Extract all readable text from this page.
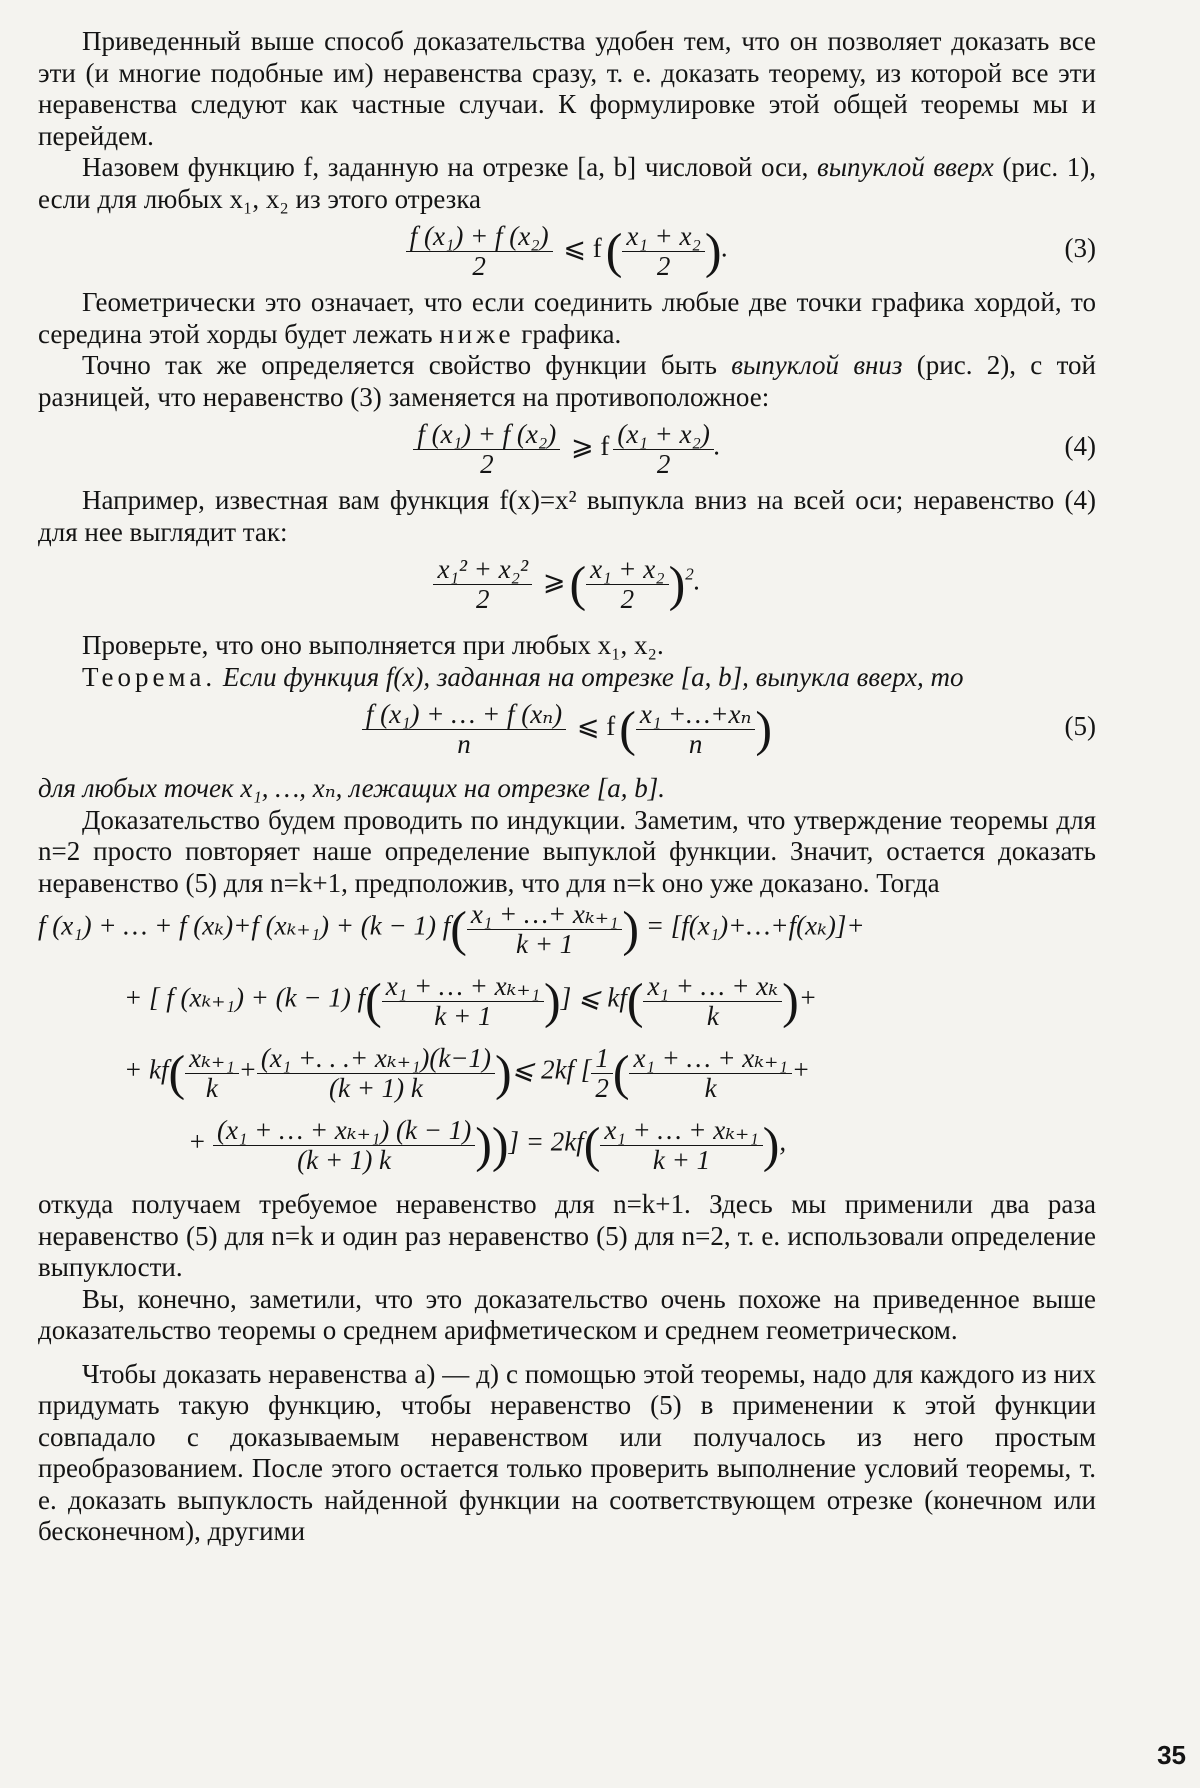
Приведенный выше способ доказательства удобен тем, что он позволяет доказать все эти (и многие подобные им) неравенства сразу, т. е. доказать теорему, из которой все эти неравенства следуют как частные случаи. К формулировке этой общей теоремы мы и перейдем.

Назовем функцию f, заданную на отрезке [a, b] числовой оси, выпуклой вверх (рис. 1), если для любых x₁, x₂ из этого отрезка

$\frac{\text{f (x₁) + f (x₂)}}{2}$ ⩽ $f( \frac{\text{x₁ + x₂}}{2}$ ).	(3)

Геометрически это означает, что если соединить любые две точки графика хордой, то середина этой хорды будет лежать ниже графика.

Точно так же определяется свойство функции быть выпуклой вниз (рис. 2), с той разницей, что неравенство (3) заменяется на противоположное:

$\frac{\text{f (x₁) + f (x₂)}}{2}$ ⩾ f $\frac{\text{(x₁ + x₂)}}{2}$ .	(4)

Например, известная вам функция f(x)=x² выпукла вниз на всей оси; неравенство (4) для нее выглядит так:

$\frac{\text{x₁² + x₂²}}{2}$ ⩾( $\frac{\text{x₁ + x₂}}{2} )^2$.

Проверьте, что оно выполняется при любых x₁, x₂.

Теорема. Если функция f(x), заданная на отрезке [a, b], выпукла вверх, то

$\frac{\text{f (x₁) + … + f (xₙ)}}{n}$ ⩽ $f( \frac{\text{x₁ +…+xₙ}}{n}$ )	(5)

для любых точек x₁, …, xₙ, лежащих на отрезке [a, b].

Доказательство будем проводить по индукции. Заметим, что утверждение теоремы для n=2 просто повторяет наше определение выпуклой функции. Значит, остается доказать неравенство (5) для n=k+1, предположив, что для n=k оно уже доказано. Тогда

f (x₁) + … + f (xₖ)+f (xₖ₊₁) + (k − 1) $f( \frac{\text{x₁ + …+ xₖ₊₁}}{k + 1}$ ) = [f(x₁)+…+f(xₖ)]+
+ [ f (xₖ₊₁) + (k − 1) $f( \frac{\text{x₁ + … + xₖ₊₁}}{k + 1}$ )] ⩽ $kf( \frac{\text{x₁ + … + xₖ}}{k}$ )+
+ $kf( \frac{\text{xₖ₊₁}}{k} + \frac{\text{(x₁ +. . .+ xₖ₊₁)(k−1)}}{(k + 1) k}$ )⩽ 2kf [ $\frac{1}{2}$ ( $\frac{\text{x₁ + … + xₖ₊₁}}{k}$ +
+ $\frac{\text{(x₁ + … + xₖ₊₁) (k − 1)}}{(k + 1) k}$ ))] = $2kf( \frac{\text{x₁ + … + xₖ₊₁}}{k + 1}$ ),

откуда получаем требуемое неравенство для n=k+1. Здесь мы применили два раза неравенство (5) для n=k и один раз неравенство (5) для n=2, т. е. использовали определение выпуклости.

Вы, конечно, заметили, что это доказательство очень похоже на приведенное выше доказательство теоремы о среднем арифметическом и среднем геометрическом.

Чтобы доказать неравенства а) — д) с помощью этой теоремы, надо для каждого из них придумать такую функцию, чтобы неравенство (5) в применении к этой функции совпадало с доказываемым неравенством или получалось из него простым преобразованием. После этого остается только проверить выполнение условий теоремы, т. е. доказать выпуклость найденной функции на соответствующем отрезке (конечном или бесконечном), другими

35
